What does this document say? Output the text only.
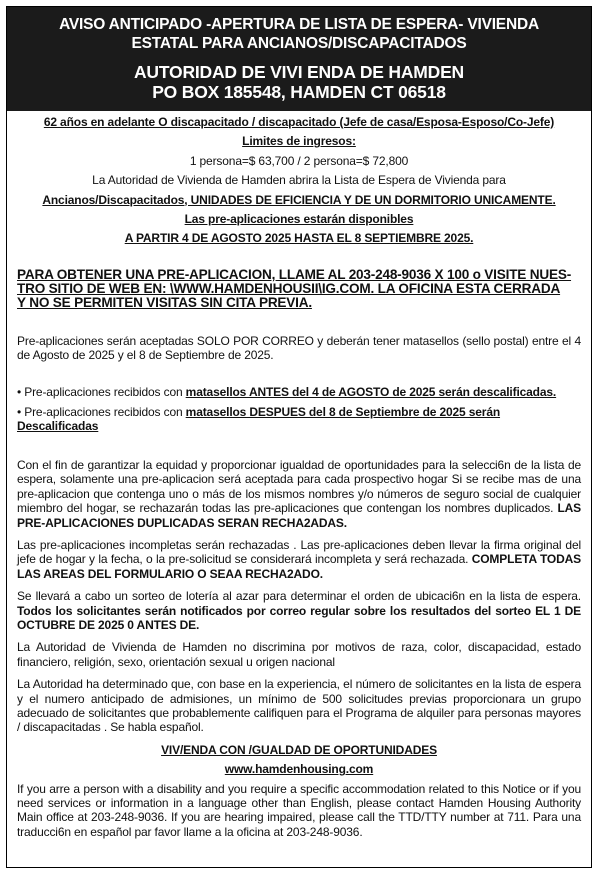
AVISO ANTICIPADO -APERTURA DE LISTA DE ESPERA- VIVIENDA
ESTATAL PARA ANCIANOS/DISCAPACITADOS
AUTORIDAD DE VIVI ENDA DE HAMDEN
PO BOX 185548, HAMDEN CT 06518
62 años en adelante O discapacitado / discapacitado (Jefe de casa/Esposa-Esposo/Co-Jefe)
Limites de ingresos:
1 persona=$ 63,700 / 2 persona=$ 72,800
La Autoridad de Vivienda de Hamden abrira la Lista de Espera de Vivienda para
Ancianos/Discapacitados, UNIDADES DE EFICIENCIA Y DE UN DORMITORIO UNICAMENTE.
Las pre-aplicaciones estarán disponibles
A PARTIR 4 DE AGOSTO 2025 HASTA EL 8 SEPTIEMBRE 2025.
PARA OBTENER UNA PRE-APLICACION, LLAME AL 203-248-9036 X 100 o VISITE NUES-
TRO SITIO DE WEB EN: \WWW.HAMDENHOUSII\IG.COM. LA OFICINA ESTA CERRADA
Y NO SE PERMITEN VISITAS SIN CITA PREVIA.

Pre-aplicaciones serán aceptadas SOLO POR CORREO y deberán tener matasellos (sello postal) entre el 4 de Agosto de 2025 y el 8 de Septiembre de 2025.

• Pre-aplicaciones recibidos con matasellos ANTES del 4 de AGOSTO de 2025 serán descalificadas.

• Pre-aplicaciones recibidos con matasellos DESPUES del 8 de Septiembre de 2025 serán Descalificadas

Con el fin de garantizar la equidad y proporcionar igualdad de oportunidades para la selecci6n de la lista de espera, solamente una pre-aplicacion será aceptada para cada prospectivo hogar Si se recibe mas de una pre-aplicacion que contenga uno o más de los mismos nombres y/o números de seguro social de cualquier miembro del hogar, se rechazarán todas las pre-aplicaciones que contengan los nombres duplicados. LAS PRE-APLICACIONES DUPLICADAS SERAN RECHA2ADAS.

Las pre-aplicaciones incompletas serán rechazadas . Las pre-aplicaciones deben llevar la firma original del jefe de hogar y la fecha, o la pre-solicitud se considerará incompleta y será rechazada. COMPLETA TODAS LAS AREAS DEL FORMULARIO O SEAA RECHA2ADO.

Se llevará a cabo un sorteo de lotería al azar para determinar el orden de ubicaci6n en la lista de espera. Todos los solicitantes serán notificados por correo regular sobre los resultados del sorteo EL 1 DE OCTUBRE DE 2025 0 ANTES DE.

La Autoridad de Vivienda de Hamden no discrimina por motivos de raza, color, discapacidad, estado financiero, religión, sexo, orientación sexual u origen nacional

La Autoridad ha determinado que, con base en la experiencia, el número de solicitantes en la lista de espera y el numero anticipado de admisiones, un mínimo de 500 solicitudes previas proporcionara un grupo adecuado de solicitantes que probablemente califiquen para el Programa de alquiler para personas mayores / discapacitadas . Se habla español.

VIV/ENDA CON /GUALDAD DE OPORTUNIDADES
www.hamdenhousing.com

If you arre a person with a disability and you require a specific accommodation related to this Notice or if you need services or information in a language other than English, please contact Hamden Housing Authority Main office at 203-248-9036. If you are hearing impaired, please call the TTD/TTY number at 711. Para una traducci6n en español par favor llame a la oficina at 203-248-9036.
